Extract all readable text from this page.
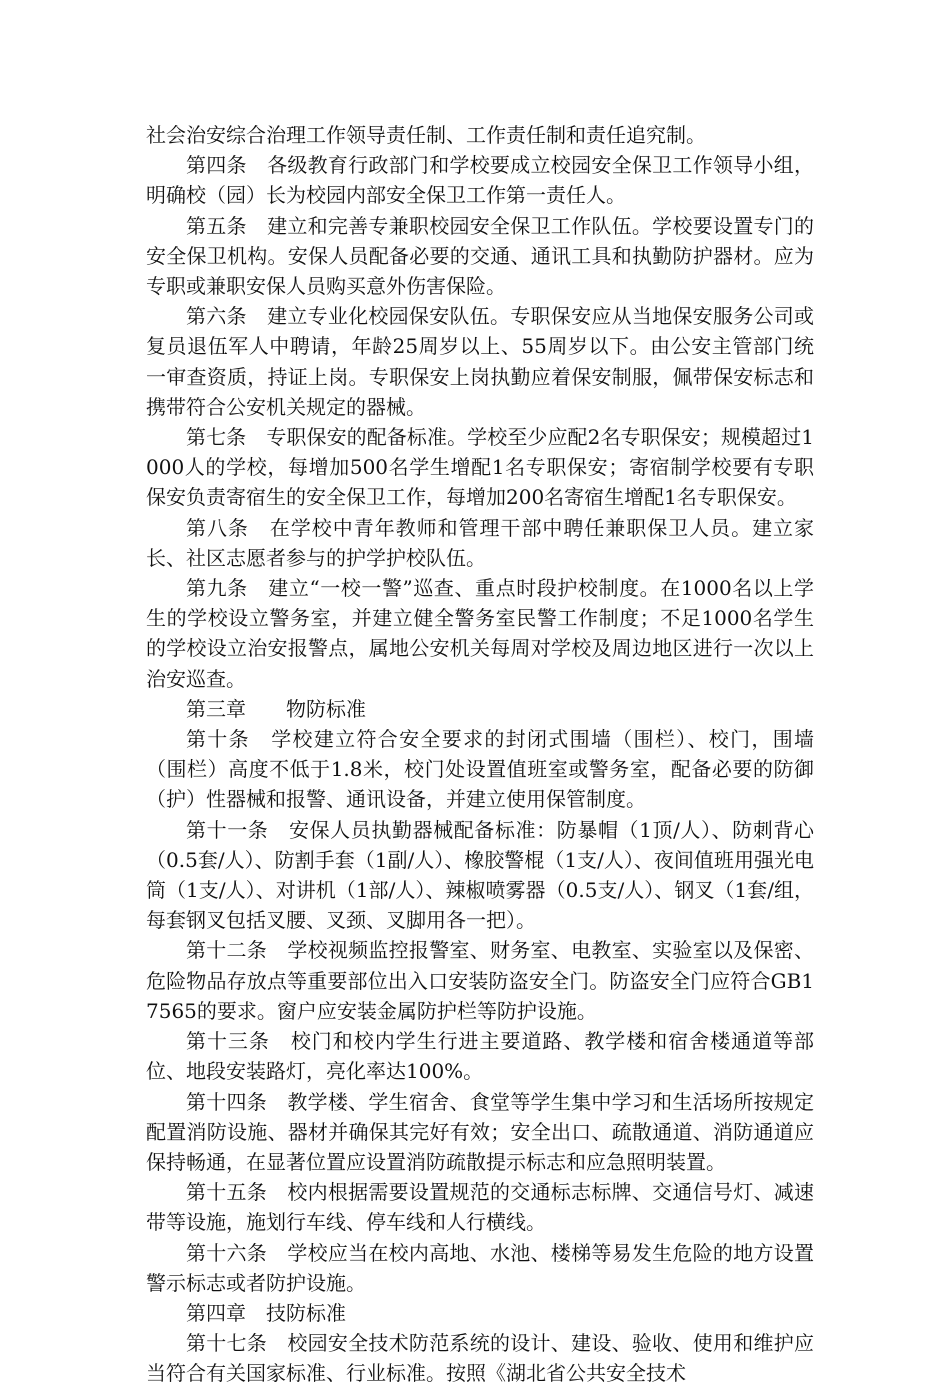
社会治安综合治理工作领导责任制、工作责任制和责任追究制。

第四条　各级教育行政部门和学校要成立校园安全保卫工作领导小组，明确校（园）长为校园内部安全保卫工作第一责任人。

第五条　建立和完善专兼职校园安全保卫工作队伍。学校要设置专门的安全保卫机构。安保人员配备必要的交通、通讯工具和执勤防护器材。应为专职或兼职安保人员购买意外伤害保险。

第六条　建立专业化校园保安队伍。专职保安应从当地保安服务公司或复员退伍军人中聘请，年龄25周岁以上、55周岁以下。由公安主管部门统一审查资质，持证上岗。专职保安上岗执勤应着保安制服，佩带保安标志和携带符合公安机关规定的器械。

第七条　专职保安的配备标准。学校至少应配2名专职保安；规模超过1000人的学校，每增加500名学生增配1名专职保安；寄宿制学校要有专职保安负责寄宿生的安全保卫工作，每增加200名寄宿生增配1名专职保安。

第八条　在学校中青年教师和管理干部中聘任兼职保卫人员。建立家长、社区志愿者参与的护学护校队伍。

第九条　建立“一校一警”巡查、重点时段护校制度。在1000名以上学生的学校设立警务室，并建立健全警务室民警工作制度；不足1000名学生的学校设立治安报警点，属地公安机关每周对学校及周边地区进行一次以上治安巡查。

第三章　　物防标准

第十条　学校建立符合安全要求的封闭式围墙（围栏）、校门，围墙（围栏）高度不低于1.8米，校门处设置值班室或警务室，配备必要的防御（护）性器械和报警、通讯设备，并建立使用保管制度。

第十一条　安保人员执勤器械配备标准：防暴帽（1顶/人）、防刺背心（0.5套/人）、防割手套（1副/人）、橡胶警棍（1支/人）、夜间值班用强光电筒（1支/人）、对讲机（1部/人）、辣椒喷雾器（0.5支/人）、钢叉（1套/组，每套钢叉包括叉腰、叉颈、叉脚用各一把）。

第十二条　学校视频监控报警室、财务室、电教室、实验室以及保密、危险物品存放点等重要部位出入口安装防盗安全门。防盗安全门应符合GB17565的要求。窗户应安装金属防护栏等防护设施。

第十三条　校门和校内学生行进主要道路、教学楼和宿舍楼通道等部位、地段安装路灯，亮化率达100%。

第十四条　教学楼、学生宿舍、食堂等学生集中学习和生活场所按规定配置消防设施、器材并确保其完好有效；安全出口、疏散通道、消防通道应保持畅通，在显著位置应设置消防疏散提示标志和应急照明装置。

第十五条　校内根据需要设置规范的交通标志标牌、交通信号灯、减速带等设施，施划行车线、停车线和人行横线。

第十六条　学校应当在校内高地、水池、楼梯等易发生危险的地方设置警示标志或者防护设施。

第四章　技防标准

第十七条　校园安全技术防范系统的设计、建设、验收、使用和维护应当符合有关国家标准、行业标准。按照《湖北省公共安全技术
